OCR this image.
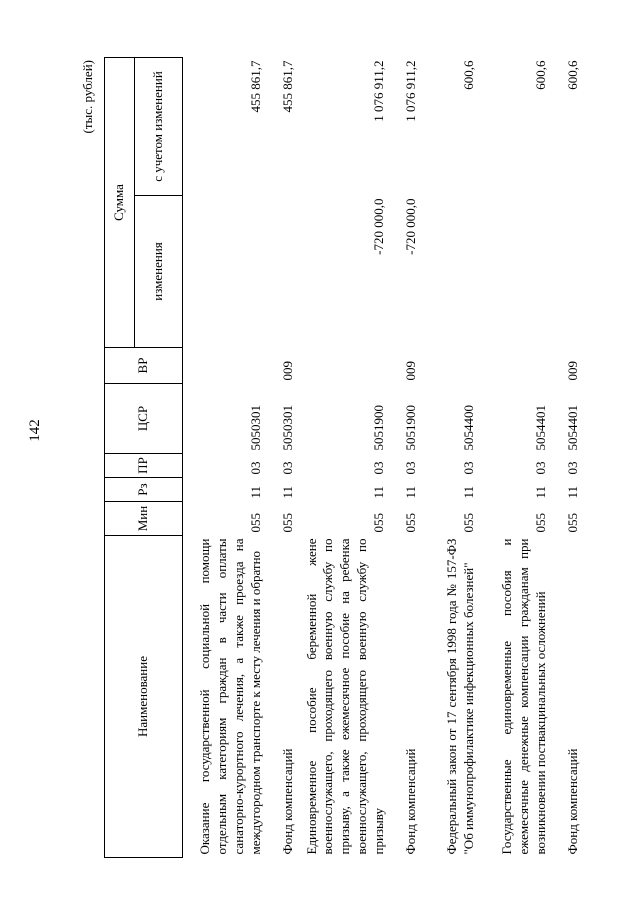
142
(тыс. рублей)
Наименование	Мин	Рз	ПР	ЦСР	ВР	Сумма	
						изменения	с учетом изменений
Оказание государственной социальной помощи отдельным категориям граждан в части оплаты санаторно-курортного лечения, а также проезда на междугородном транспорте к месту лечения и обратно	055	11	03	5050301			455 861,7
Фонд компенсаций	055	11	03	5050301	009		455 861,7
Единовременное пособие беременной жене военнослужащего, проходящего военную службу по призыву, а также ежемесячное пособие на ребенка военнослужащего, проходящего военную службу по призыву	055	11	03	5051900		-720 000,0	1 076 911,2
Фонд компенсаций	055	11	03	5051900	009	-720 000,0	1 076 911,2
Федеральный закон от 17 сентября 1998 года № 157-ФЗ "Об иммунопрофилактике инфекционных болезней"	055	11	03	5054400			600,6
Государственные единовременные пособия и ежемесячные денежные компенсации гражданам при возникновении поствакцинальных осложнений	055	11	03	5054401			600,6
Фонд компенсаций	055	11	03	5054401	009		600,6
